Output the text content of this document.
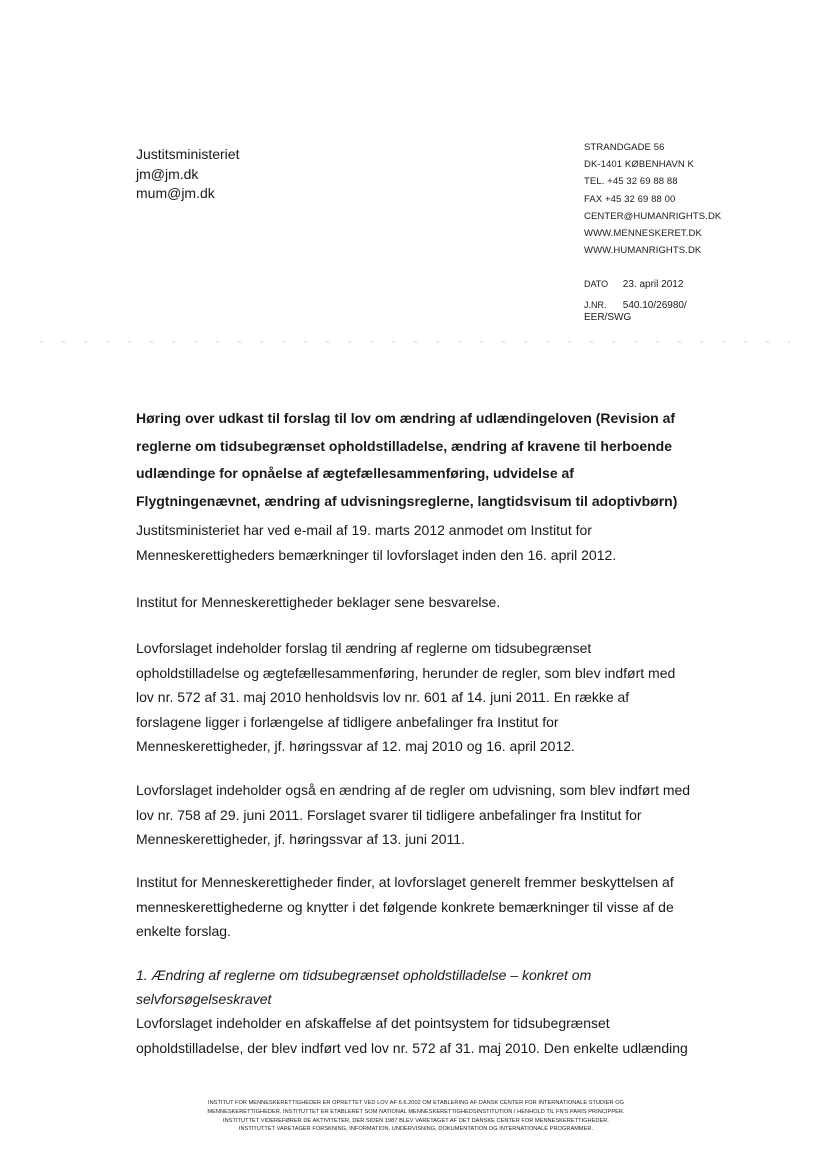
Justitsministeriet
jm@jm.dk
mum@jm.dk
STRANDGADE 56
DK-1401 KØBENHAVN K
TEL. +45 32 69 88 88
FAX +45 32 69 88 00
CENTER@HUMANRIGHTS.DK
WWW.MENNESKERET.DK
WWW.HUMANRIGHTS.DK
DATO 23. april 2012
J.NR. 540.10/26980/
EER/SWG
Høring over udkast til forslag til lov om ændring af udlændingeloven (Revision af
reglerne om tidsubegrænset opholdstilladelse, ændring af kravene til herboende
udlændinge for opnåelse af ægtefællesammenføring, udvidelse af
Flygtningenævnet, ændring af udvisningsreglerne, langtidsvisum til adoptivbørn)
Justitsministeriet har ved e-mail af 19. marts 2012 anmodet om Institut for
Menneskerettigheders bemærkninger til lovforslaget inden den 16. april 2012.
Institut for Menneskerettigheder beklager sene besvarelse.
Lovforslaget indeholder forslag til ændring af reglerne om tidsubegrænset
opholdstilladelse og ægtefællesammenføring, herunder de regler, som blev indført med
lov nr. 572 af 31. maj 2010 henholdsvis lov nr. 601 af 14. juni 2011. En række af
forslagene ligger i forlængelse af tidligere anbefalinger fra Institut for
Menneskerettigheder, jf. høringssvar af 12. maj 2010 og 16. april 2012.
Lovforslaget indeholder også en ændring af de regler om udvisning, som blev indført med
lov nr. 758 af 29. juni 2011. Forslaget svarer til tidligere anbefalinger fra Institut for
Menneskerettigheder, jf. høringssvar af 13. juni 2011.
Institut for Menneskerettigheder finder, at lovforslaget generelt fremmer beskyttelsen af
menneskerettighederne og knytter i det følgende konkrete bemærkninger til visse af de
enkelte forslag.
1. Ændring af reglerne om tidsubegrænset opholdstilladelse – konkret om
selvforsøgelseskravet
Lovforslaget indeholder en afskaffelse af det pointsystem for tidsubegrænset
opholdstilladelse, der blev indført ved lov nr. 572 af 31. maj 2010. Den enkelte udlænding
INSTITUT FOR MENNESKERETTIGHEDER ER OPRETTET VED LOV AF 6.6.2002 OM ETABLERING AF DANSK CENTER FOR INTERNATIONALE STUDIER OG
MENNESKERETTIGHEDER. INSTITUTTET ER ETABLERET SOM NATIONAL MENNESKERETTIGHEDSINSTITUTION I HENHOLD TIL FN'S PARIS PRINCIPPER.
INSTITUTTET VIDEREFØRER DE AKTIVITETER, DER SIDEN 1987 BLEV VARETAGET AF DET DANSKE CENTER FOR MENNESKERETTIGHEDER.
INSTITUTTET VARETAGER FORSKNING, INFORMATION, UNDERVISNING, DOKUMENTATION OG INTERNATIONALE PROGRAMMER.
